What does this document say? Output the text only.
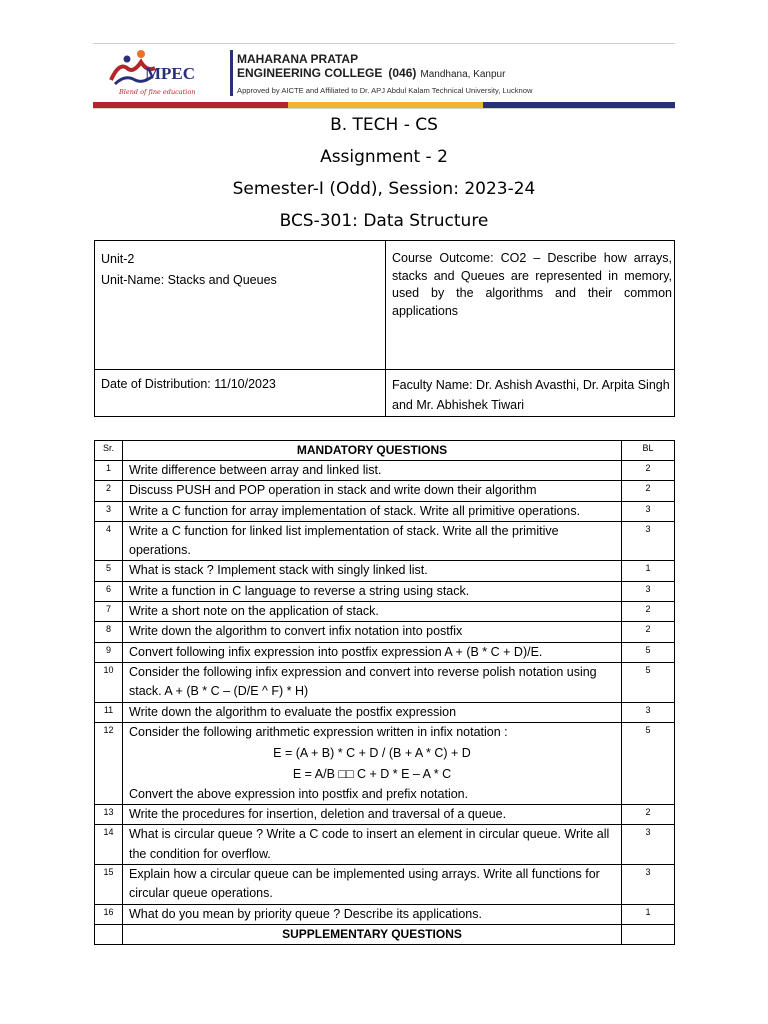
MPEC
Blend of fine education
MAHARANA PRATAP
ENGINEERING COLLEGE (046) Mandhana, Kanpur
Approved by AICTE and Affiliated to Dr. APJ Abdul Kalam Technical University, Lucknow
B. TECH - CS
Assignment - 2
Semester-I (Odd), Session: 2023-24
BCS-301: Data Structure
Unit-2
Unit-Name: Stacks and Queues
Course Outcome: CO2 – Describe how arrays, stacks and Queues are represented in memory, used by the algorithms and their common applications
Date of Distribution: 11/10/2023	Faculty Name: Dr. Ashish Avasthi, Dr. Arpita Singh and Mr. Abhishek Tiwari
Sr.	MANDATORY QUESTIONS	BL
1	Write difference between array and linked list.	2
2	Discuss PUSH and POP operation in stack and write down their algorithm	2
3	Write a C function for array implementation of stack. Write all primitive operations.	3
4	Write a C function for linked list implementation of stack. Write all the primitive operations.	3
5	What is stack ? Implement stack with singly linked list.	1
6	Write a function in C language to reverse a string using stack.	3
7	Write a short note on the application of stack.	2
8	Write down the algorithm to convert infix notation into postfix	2
9	Convert following infix expression into postfix expression A + (B * C + D)/E.	5
10	Consider the following infix expression and convert into reverse polish notation using stack. A + (B * C – (D/E ^ F) * H)	5
11	Write down the algorithm to evaluate the postfix expression	3
12	Consider the following arithmetic expression written in infix notation :
E = (A + B) * C + D / (B + A * C) + D
E = A/B □□ C + D * E – A * C
Convert the above expression into postfix and prefix notation.	5
13	Write the procedures for insertion, deletion and traversal of a queue.	2
14	What is circular queue ? Write a C code to insert an element in circular queue. Write all the condition for overflow.	3
15	Explain how a circular queue can be implemented using arrays. Write all functions for circular queue operations.	3
16	What do you mean by priority queue ? Describe its applications.	1
	SUPPLEMENTARY QUESTIONS	
